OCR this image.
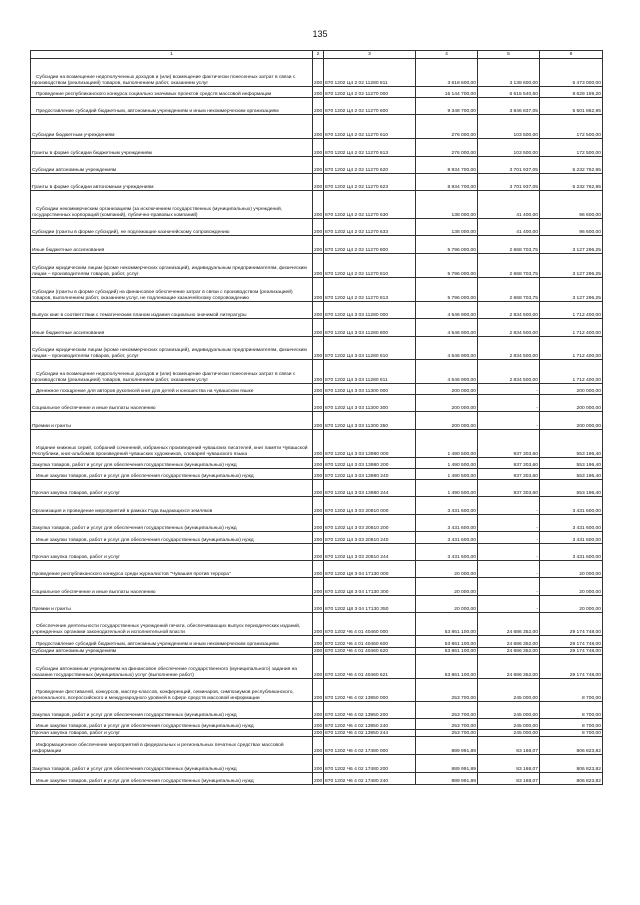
135
1	2	3	4	5	6
Субсидии на возмещение недополученных доходов и (или) возмещение фактически понесенных затрат в связи с производством (реализацией) товаров, выполнением работ, оказанием услуг	200	870 1202 Ц4 2 02 11280 811	3 618 600,00	3 138 600,00	5 473 000,00
Проведение республиканского конкурса социально значимых проектов средств массовой информации	200	870 1202 Ц4 2 02 11270 000	15 144 700,00	6 515 540,60	8 629 159,20
Предоставление субсидий бюджетным, автономным учреждениям и иным некоммерческим организациям	200	870 1202 Ц4 2 02 11270 600	9 348 700,00	3 846 837,05	5 501 862,95
Субсидии бюджетным учреждениям	200	870 1202 Ц4 2 02 11270 610	276 000,00	103 500,00	172 500,00
Гранты в форме субсидии бюджетным учреждениям	200	870 1202 Ц4 2 02 11270 613	276 000,00	103 500,00	172 500,00
Субсидии автономным учреждениям	200	870 1202 Ц4 2 02 11270 620	8 934 700,00	3 701 937,05	5 232 762,95
Гранты в форме субсидии автономным учреждениям	200	870 1202 Ц4 2 02 11270 623	8 934 700,00	3 701 937,05	5 232 762,95
Субсидии некоммерческим организациям (за исключением государственных (муниципальных) учреждений, государственных корпораций (компаний), публично-правовых компаний)	200	870 1202 Ц4 2 02 11270 630	138 000,00	41 400,00	96 600,00
Субсидии (гранты в форме субсидий), не подлежащие казначейскому сопровождению	200	870 1202 Ц4 2 02 11270 633	138 000,00	41 400,00	96 600,00
Иные бюджетные ассигнования	200	870 1202 Ц4 2 02 11270 800	5 796 000,00	2 668 703,75	3 127 296,25
Субсидии юридическим лицам (кроме некоммерческих организаций), индивидуальным предпринимателям, физическим лицам – производителям товаров, работ, услуг	200	870 1202 Ц4 2 02 11270 810	5 796 000,00	2 668 703,75	3 127 296,25
Субсидии (гранты в форме субсидий) на финансовое обеспечение затрат в связи с производством (реализацией) товаров, выполнением работ, оказанием услуг, не подлежащие казначейскому сопровождению	200	870 1202 Ц4 2 02 11270 813	5 796 000,00	2 668 703,75	3 127 296,25
Выпуск книг в соответствии с тематическим планом издания социально значимой литературы	200	870 1202 Ц4 3 03 11280 000	4 546 900,00	2 834 500,00	1 712 400,00
Иные бюджетные ассигнования	200	870 1202 Ц4 3 03 11280 800	4 546 900,00	2 834 500,00	1 712 400,00
Субсидии юридическим лицам (кроме некоммерческих организаций), индивидуальным предпринимателям, физическим лицам – производителям товаров, работ, услуг	200	870 1202 Ц4 3 03 11280 810	4 546 900,00	2 834 500,00	1 712 400,00
Субсидии на возмещение недополученных доходов и (или) возмещение фактически понесенных затрат в связи с производством (реализацией) товаров, выполнением работ, оказанием услуг	200	870 1202 Ц4 3 03 11280 811	4 546 900,00	2 834 500,00	1 712 400,00
Денежное поощрение для авторов рукописей книг для детей и юношества на чувашском языке	200	870 1202 Ц4 3 03 11300 000	200 000,00	-	200 000,00
Социальное обеспечение и иные выплаты населению	200	870 1202 Ц4 3 03 11300 300	200 000,00	-	200 000,00
Премии и гранты	200	870 1202 Ц4 3 03 11300 350	200 000,00	-	200 000,00
Издание книжных серий, собраний сочинений, избранных произведений чувашских писателей, книг памяти Чувашской Республики, книг-альбомов произведений чувашских художников, словарей чувашского языка	200	870 1202 Ц4 3 03 13980 000	1 490 500,00	937 303,60	553 196,40
Закупка товаров, работ и услуг для обеспечения государственных (муниципальных) нужд	200	870 1202 Ц4 3 03 13980 200	1 490 500,00	937 303,60	553 196,40
Иные закупки товаров, работ и услуг для обеспечения государственных (муниципальных) нужд	200	870 1202 Ц4 3 03 13980 240	1 490 500,00	937 303,60	553 196,40
Прочая закупка товаров, работ и услуг	200	870 1202 Ц4 3 03 13980 244	1 490 500,00	937 303,60	553 196,40
Организация и проведение мероприятий в рамках Года выдающихся земляков	200	870 1202 Ц4 3 03 20810 000	3 431 600,00	-	3 431 600,00
Закупка товаров, работ и услуг для обеспечения государственных (муниципальных) нужд	200	870 1202 Ц4 3 03 20810 200	3 431 600,00	-	3 431 600,00
Иные закупки товаров, работ и услуг для обеспечения государственных (муниципальных) нужд	200	870 1202 Ц4 3 03 20810 240	3 431 600,00	-	3 431 600,00
Прочая закупка товаров, работ и услуг	200	870 1202 Ц4 3 03 20810 244	3 431 600,00	-	3 431 600,00
Проведение республиканского конкурса среди журналистов "Чувашия против террора"	200	870 1202 Ц8 3 04 17130 000	20 000,00	-	20 000,00
Социальное обеспечение и иные выплаты населению	200	870 1202 Ц8 3 04 17130 300	20 000,00	-	20 000,00
Премии и гранты	200	870 1202 Ц8 3 04 17130 350	20 000,00	-	20 000,00
Обеспечение деятельности государственных учреждений печати, обеспечивающих выпуск периодических изданий, учрежденных органами законодательной и исполнительной власти	200	870 1202 Ч6 4 01 40460 000	53 861 100,00	24 686 352,00	29 174 748,00
Предоставление субсидий бюджетным, автономным учреждениям и иным некоммерческим организациям	200	870 1202 Ч6 4 01 40460 600	53 861 100,00	24 686 352,00	29 174 748,00
Субсидии автономным учреждениям	200	870 1202 Ч6 4 01 40460 620	53 861 100,00	24 686 352,00	29 174 748,00
Субсидии автономным учреждениям на финансовое обеспечение государственного (муниципального) задания на оказание государственных (муниципальных) услуг (выполнение работ)	200	870 1202 Ч6 4 01 40460 621	53 861 100,00	24 686 352,00	29 174 748,00
Проведение фестивалей, конкурсов, мастер-классов, конференций, семинаров, симпозиумов республиканского, регионального, всероссийского и международного уровней в сфере средств массовой информации	200	870 1202 Ч6 4 02 13950 000	253 700,00	245 000,00	8 700,00
Закупка товаров, работ и услуг для обеспечения государственных (муниципальных) нужд	200	870 1202 Ч6 4 02 13950 200	253 700,00	245 000,00	8 700,00
Иные закупки товаров, работ и услуг для обеспечения государственных (муниципальных) нужд	200	870 1202 Ч6 4 02 13950 240	253 700,00	245 000,00	8 700,00
Прочая закупка товаров, работ и услуг	200	870 1202 Ч6 4 02 13950 244	253 700,00	245 000,00	8 700,00
Информационное обеспечение мероприятий в федеральных и региональных печатных средствах массовой информации	200	870 1202 Ч6 4 02 17480 000	889 991,89	83 168,07	806 823,82
Закупка товаров, работ и услуг для обеспечения государственных (муниципальных) нужд	200	870 1202 Ч6 4 02 17480 200	889 991,89	83 168,07	806 823,82
Иные закупки товаров, работ и услуг для обеспечения государственных (муниципальных) нужд	200	870 1202 Ч6 4 02 17480 240	889 991,89	83 168,07	806 823,82
